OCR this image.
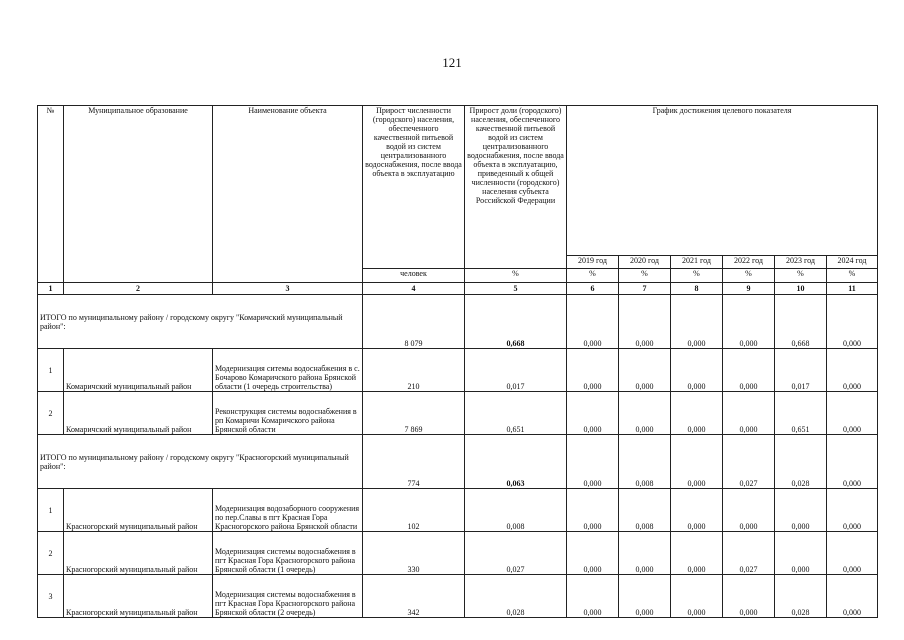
121
№	Муниципальное образование	Наименование объекта	Прирост численности (городского) населения, обеспеченного качественной питьевой водой из систем централизованного водоснабжения, после ввода объекта в эксплуатацию	Прирост доли (городского) населения, обеспеченного качественной питьевой водой из систем централизованного водоснабжения, после ввода объекта в эксплуатацию, приведенный к общей численности (городского) населения субъекта Российской Федерации	График достижения целевого показателя					
					2019 год	2020 год	2021 год	2022 год	2023 год	2024 год
			человек	%	%	%	%	%	%	%
1	2	3	4	5	6	7	8	9	10	11
ИТОГО по муниципальному району / городскому округу "Комаричский муниципальный район":			8 079	0,668	0,000	0,000	0,000	0,000	0,668	0,000
1	Комаричский муниципальный район	Модернизация ситемы водоснабжения в с. Бочарово Комаричского района Брянской области (1 очередь строительства)	210	0,017	0,000	0,000	0,000	0,000	0,017	0,000
2	Комаричский муниципальный район	Реконструкция системы водоснабжения в рп Комаричи Комаричского района Брянской области	7 869	0,651	0,000	0,000	0,000	0,000	0,651	0,000
ИТОГО по муниципальному району / городскому округу "Красногорский муниципальный район":			774	0,063	0,000	0,008	0,000	0,027	0,028	0,000
1	Красногорский муниципальный район	Модернизация водозаборного сооружения по пер.Славы в пгт Красная Гора Красногорского района Брянской области	102	0,008	0,000	0,008	0,000	0,000	0,000	0,000
2	Красногорский муниципальный район	Модернизация системы водоснабжения в пгт Красная Гора Красногорского района Брянской области (1 очередь)	330	0,027	0,000	0,000	0,000	0,027	0,000	0,000
3	Красногорский муниципальный район	Модернизация системы водоснабжения в пгт Красная Гора Красногорского района Брянской области (2 очередь)	342	0,028	0,000	0,000	0,000	0,000	0,028	0,000
